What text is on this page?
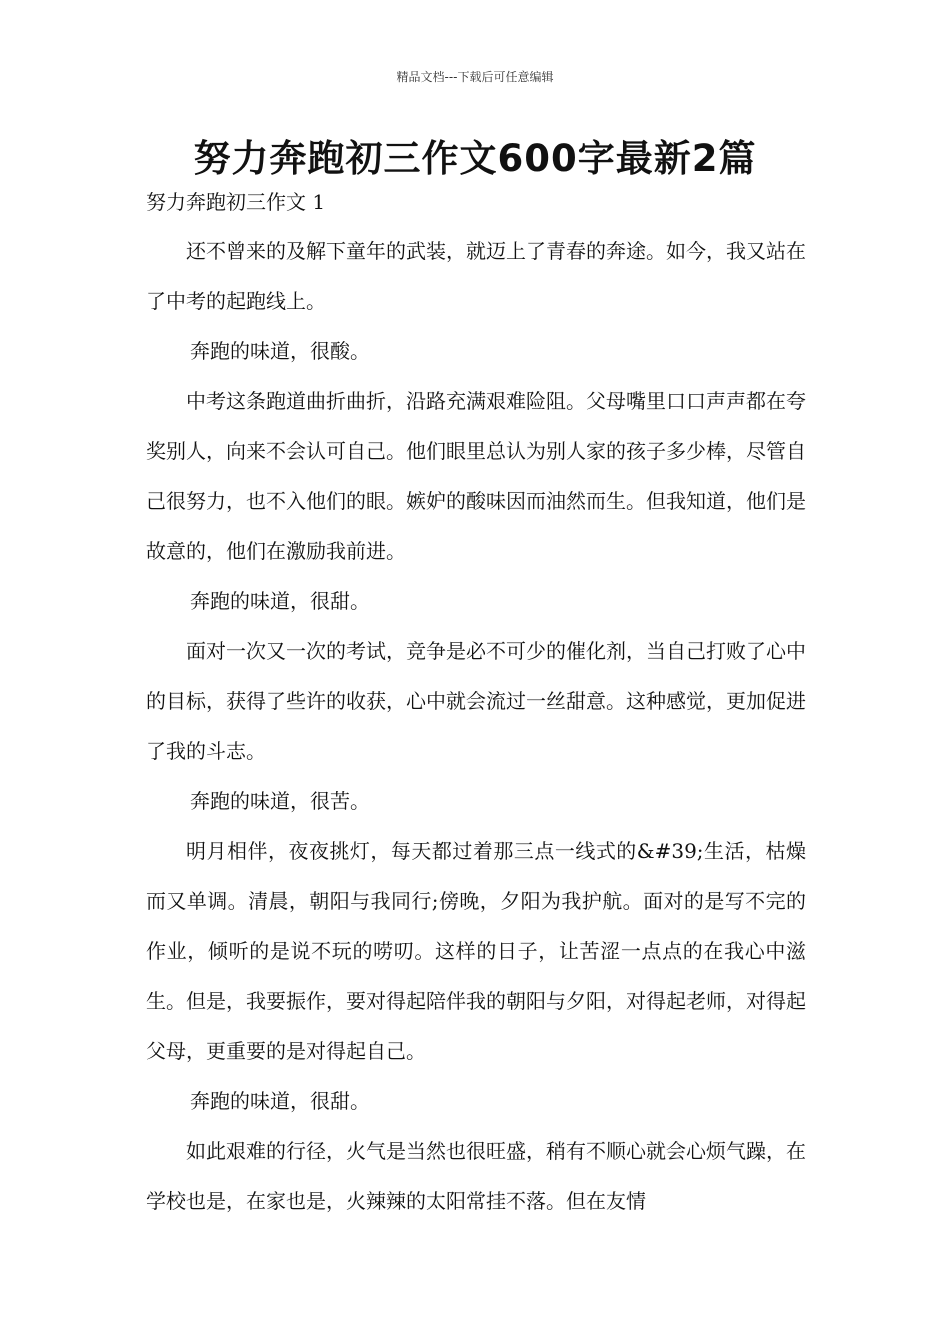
精品文档---下载后可任意编辑
努力奔跑初三作文600字最新2篇
努力奔跑初三作文 1

还不曾来的及解下童年的武装，就迈上了青春的奔途。如今，我又站在了中考的起跑线上。

奔跑的味道，很酸。

中考这条跑道曲折曲折，沿路充满艰难险阻。父母嘴里口口声声都在夸奖别人，向来不会认可自己。他们眼里总认为别人家的孩子多少棒，尽管自己很努力，也不入他们的眼。嫉妒的酸味因而油然而生。但我知道，他们是故意的，他们在激励我前进。

奔跑的味道，很甜。

面对一次又一次的考试，竞争是必不可少的催化剂，当自己打败了心中的目标，获得了些许的收获，心中就会流过一丝甜意。这种感觉，更加促进了我的斗志。

奔跑的味道，很苦。

明月相伴，夜夜挑灯，每天都过着那三点一线式的&#39;生活，枯燥而又单调。清晨，朝阳与我同行;傍晚，夕阳为我护航。面对的是写不完的作业，倾听的是说不玩的唠叨。这样的日子，让苦涩一点点的在我心中滋生。但是，我要振作，要对得起陪伴我的朝阳与夕阳，对得起老师，对得起父母，更重要的是对得起自己。

奔跑的味道，很甜。

如此艰难的行径，火气是当然也很旺盛，稍有不顺心就会心烦气躁，在学校也是，在家也是，火辣辣的太阳常挂不落。但在友情
